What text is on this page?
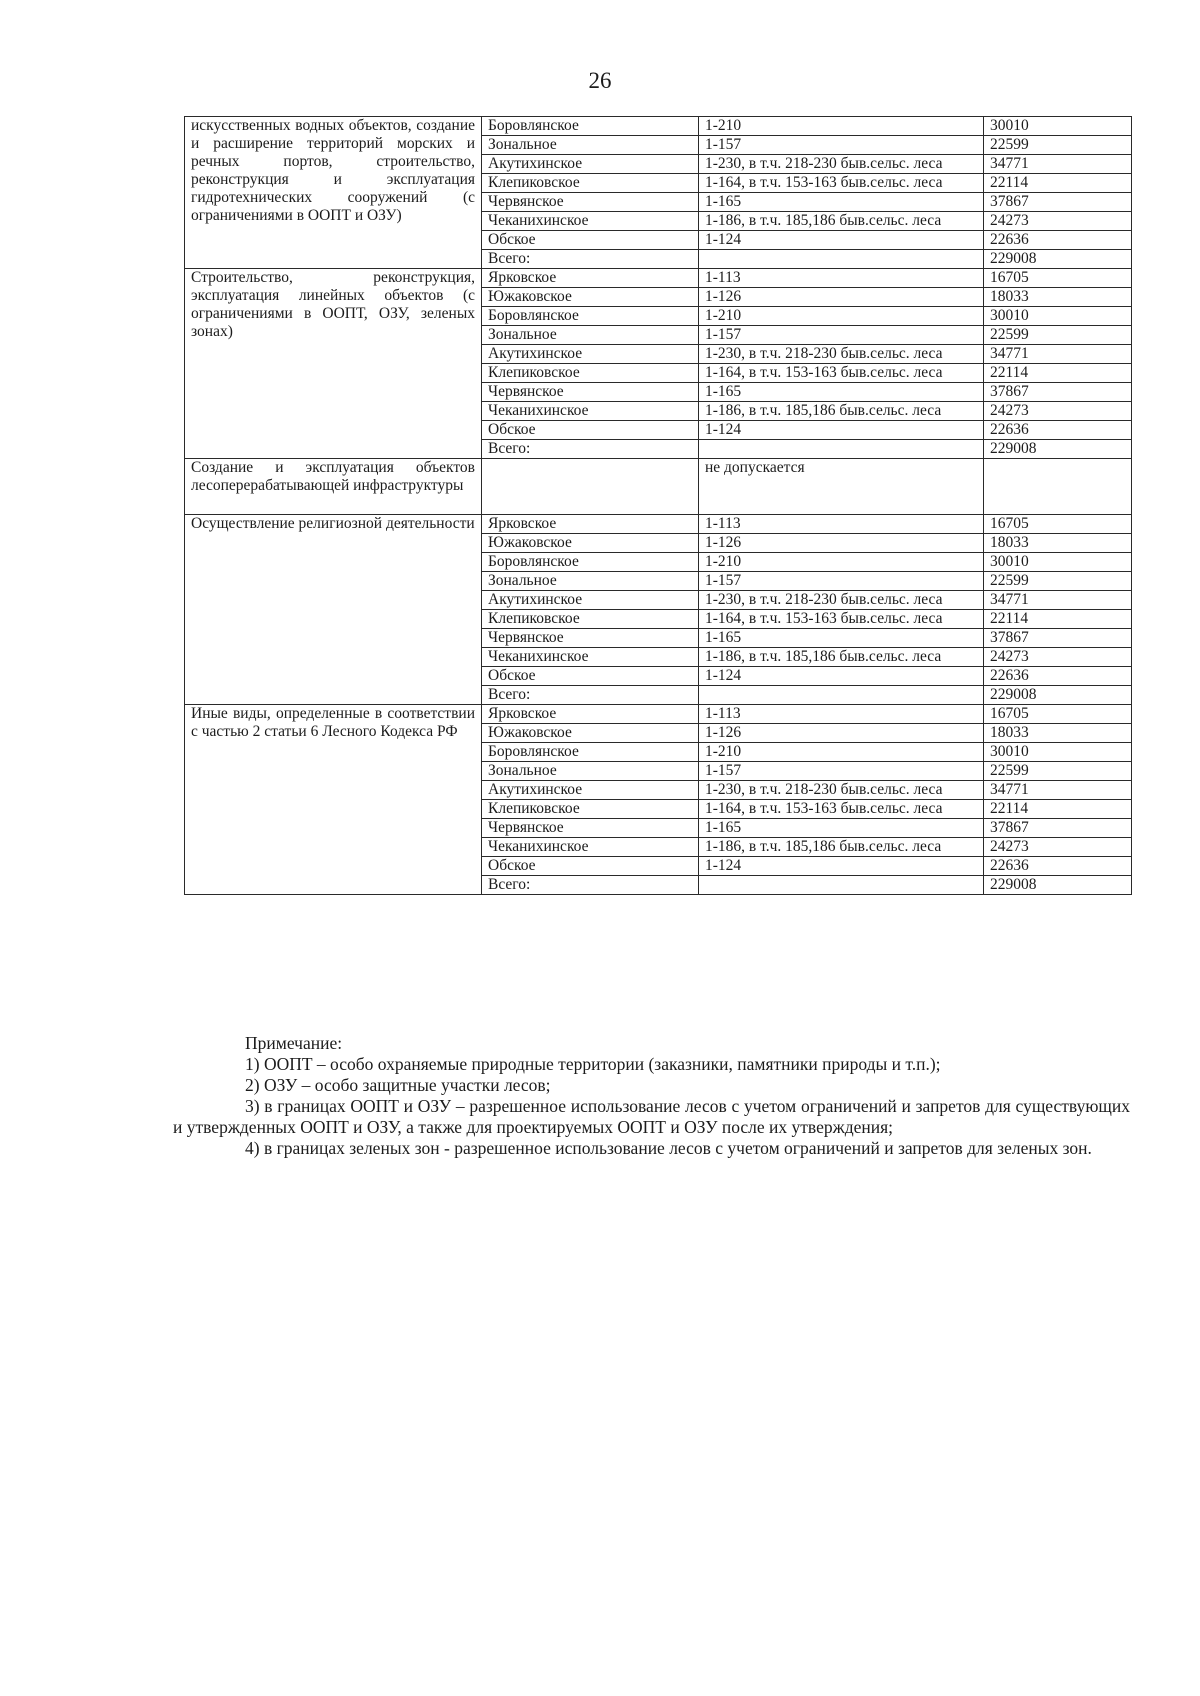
26
искусственных водных объектов, создание и расширение территорий морских и речных портов, строительство, реконструкция и эксплуатация гидротехнических сооружений (с ограничениями в ООПТ и ОЗУ)	Боровлянское	1-210	30010
	Зональное	1-157	22599
	Акутихинское	1-230, в т.ч. 218-230 быв.сельс. леса	34771
	Клепиковское	1-164, в т.ч. 153-163 быв.сельс. леса	22114
	Червянское	1-165	37867
	Чеканихинское	1-186, в т.ч. 185,186 быв.сельс. леса	24273
	Обское	1-124	22636
	Всего:		229008
Строительство, реконструкция, эксплуатация линейных объектов (с ограничениями в ООПТ, ОЗУ, зеленых зонах)	Ярковское	1-113	16705
	Южаковское	1-126	18033
	Боровлянское	1-210	30010
	Зональное	1-157	22599
	Акутихинское	1-230, в т.ч. 218-230 быв.сельс. леса	34771
	Клепиковское	1-164, в т.ч. 153-163 быв.сельс. леса	22114
	Червянское	1-165	37867
	Чеканихинское	1-186, в т.ч. 185,186 быв.сельс. леса	24273
	Обское	1-124	22636
	Всего:		229008
Создание и эксплуатация объектов лесоперерабатывающей инфраструктуры		не допускается	
Осуществление религиозной деятельности	Ярковское	1-113	16705
	Южаковское	1-126	18033
	Боровлянское	1-210	30010
	Зональное	1-157	22599
	Акутихинское	1-230, в т.ч. 218-230 быв.сельс. леса	34771
	Клепиковское	1-164, в т.ч. 153-163 быв.сельс. леса	22114
	Червянское	1-165	37867
	Чеканихинское	1-186, в т.ч. 185,186 быв.сельс. леса	24273
	Обское	1-124	22636
	Всего:		229008
Иные виды, определенные в соответствии с частью 2 статьи 6 Лесного Кодекса РФ	Ярковское	1-113	16705
	Южаковское	1-126	18033
	Боровлянское	1-210	30010
	Зональное	1-157	22599
	Акутихинское	1-230, в т.ч. 218-230 быв.сельс. леса	34771
	Клепиковское	1-164, в т.ч. 153-163 быв.сельс. леса	22114
	Червянское	1-165	37867
	Чеканихинское	1-186, в т.ч. 185,186 быв.сельс. леса	24273
	Обское	1-124	22636
	Всего:		229008

Примечание:

1) ООПТ – особо охраняемые природные территории (заказники, памятники природы и т.п.);

2) ОЗУ – особо защитные участки лесов;

3) в границах ООПТ и ОЗУ – разрешенное использование лесов с учетом ограничений и запретов для существующих и утвержденных ООПТ и ОЗУ, а также для проектируемых ООПТ и ОЗУ после их утверждения;

4) в границах зеленых зон - разрешенное использование лесов с учетом ограничений и запретов для зеленых зон.
